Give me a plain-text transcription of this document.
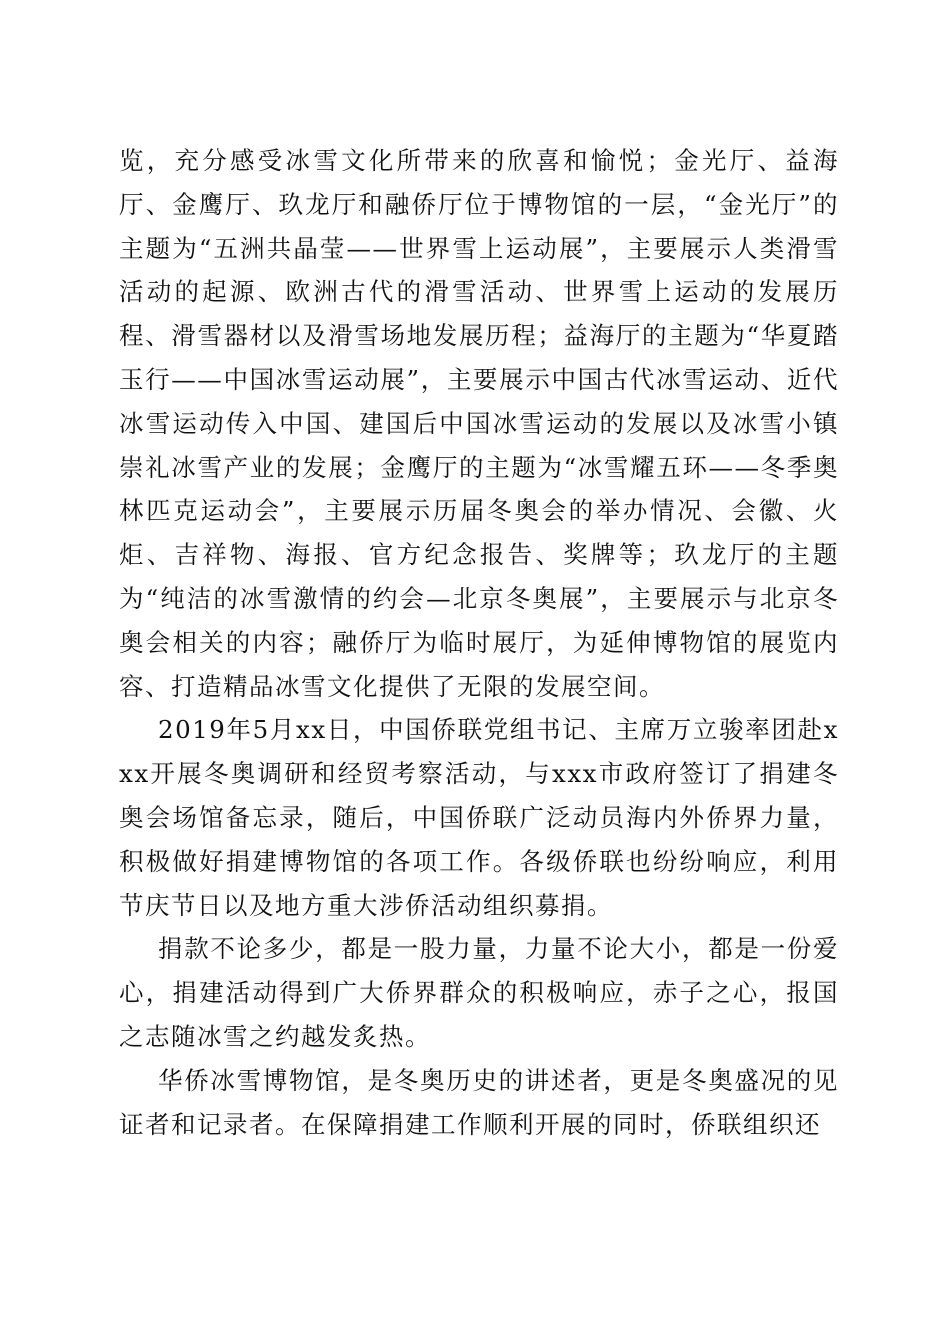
览，充分感受冰雪文化所带来的欣喜和愉悦；金光厅、益海厅、金鹰厅、玖龙厅和融侨厅位于博物馆的一层，“金光厅”的主题为“五洲共晶莹——世界雪上运动展”，主要展示人类滑雪活动的起源、欧洲古代的滑雪活动、世界雪上运动的发展历程、滑雪器材以及滑雪场地发展历程；益海厅的主题为“华夏踏玉行——中国冰雪运动展”，主要展示中国古代冰雪运动、近代冰雪运动传入中国、建国后中国冰雪运动的发展以及冰雪小镇崇礼冰雪产业的发展；金鹰厅的主题为“冰雪耀五环——冬季奥林匹克运动会”，主要展示历届冬奥会的举办情况、会徽、火炬、吉祥物、海报、官方纪念报告、奖牌等；玖龙厅的主题为“纯洁的冰雪激情的约会—北京冬奥展”，主要展示与北京冬奥会相关的内容；融侨厅为临时展厅，为延伸博物馆的展览内容、打造精品冰雪文化提供了无限的发展空间。

2019年5月xx日，中国侨联党组书记、主席万立骏率团赴xxx开展冬奥调研和经贸考察活动，与xxx市政府签订了捐建冬奥会场馆备忘录，随后，中国侨联广泛动员海内外侨界力量，积极做好捐建博物馆的各项工作。各级侨联也纷纷响应，利用节庆节日以及地方重大涉侨活动组织募捐。

捐款不论多少，都是一股力量，力量不论大小，都是一份爱心，捐建活动得到广大侨界群众的积极响应，赤子之心，报国之志随冰雪之约越发炙热。

华侨冰雪博物馆，是冬奥历史的讲述者，更是冬奥盛况的见证者和记录者。在保障捐建工作顺利开展的同时，侨联组织还
